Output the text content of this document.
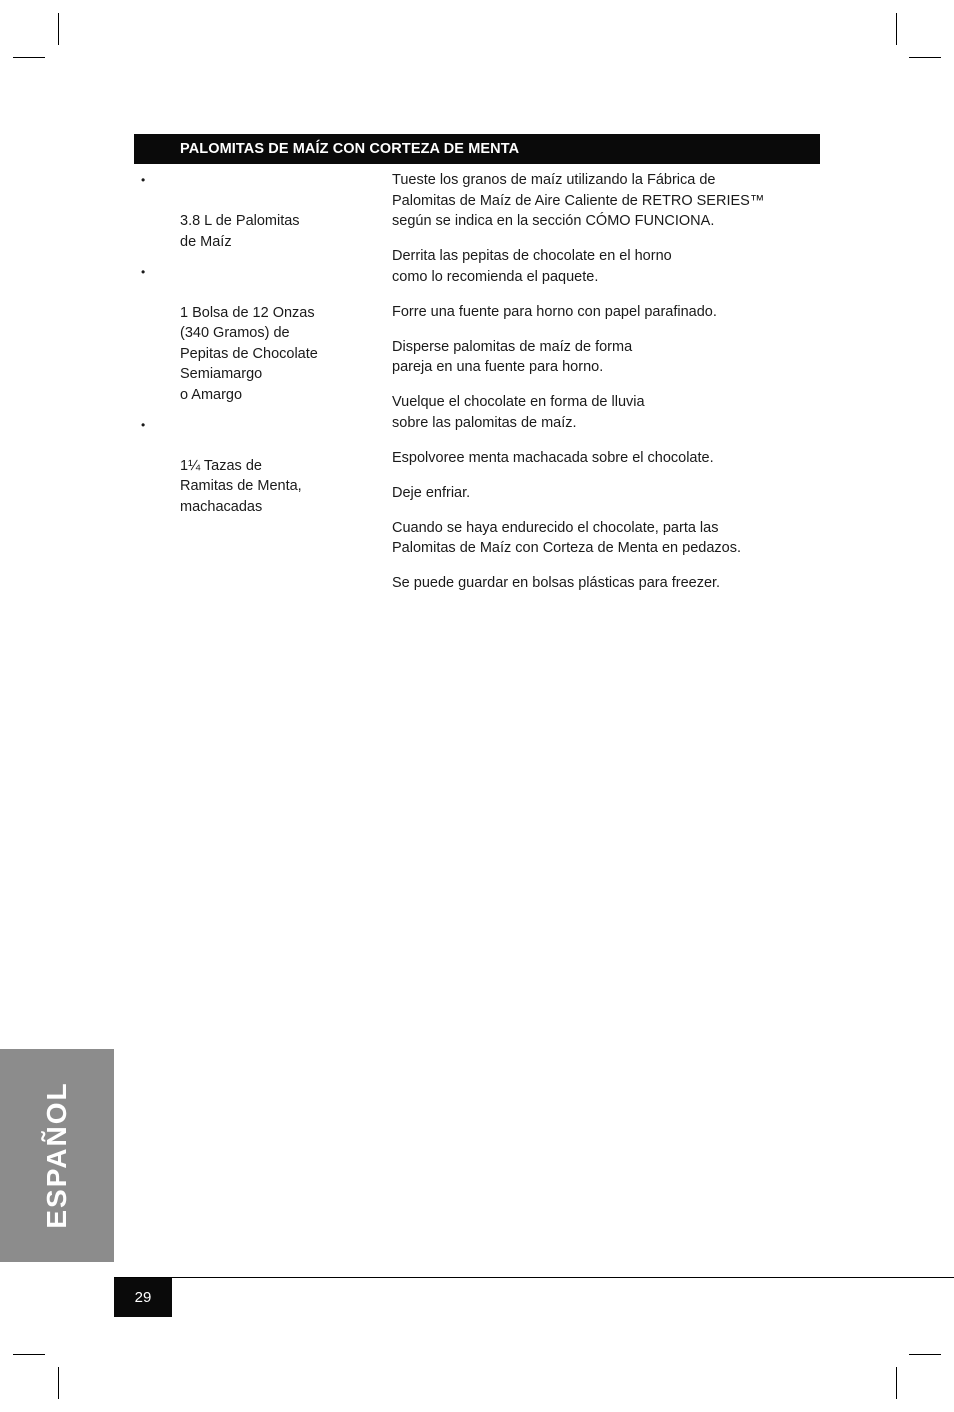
PALOMITAS DE MAÍZ CON CORTEZA DE MENTA

•

3.8 L de Palomitas
de Maíz

•

1 Bolsa de 12 Onzas
(340 Gramos) de
Pepitas de Chocolate
Semiamargo
o Amargo

•

1¼ Tazas de
Ramitas de Menta,
machacadas

Tueste los granos de maíz utilizando la Fábrica de
Palomitas de Maíz de Aire Caliente de RETRO SERIES™
según se indica en la sección CÓMO FUNCIONA.

Derrita las pepitas de chocolate en el horno
como lo recomienda el paquete.

Forre una fuente para horno con papel parafinado.

Disperse palomitas de maíz de forma
pareja en una fuente para horno.

Vuelque el chocolate en forma de lluvia
sobre las palomitas de maíz.

Espolvoree menta machacada sobre el chocolate.

Deje enfriar.

Cuando se haya endurecido el chocolate, parta las
Palomitas de Maíz con Corteza de Menta en pedazos.

Se puede guardar en bolsas plásticas para freezer.

ESPAÑOL
29
